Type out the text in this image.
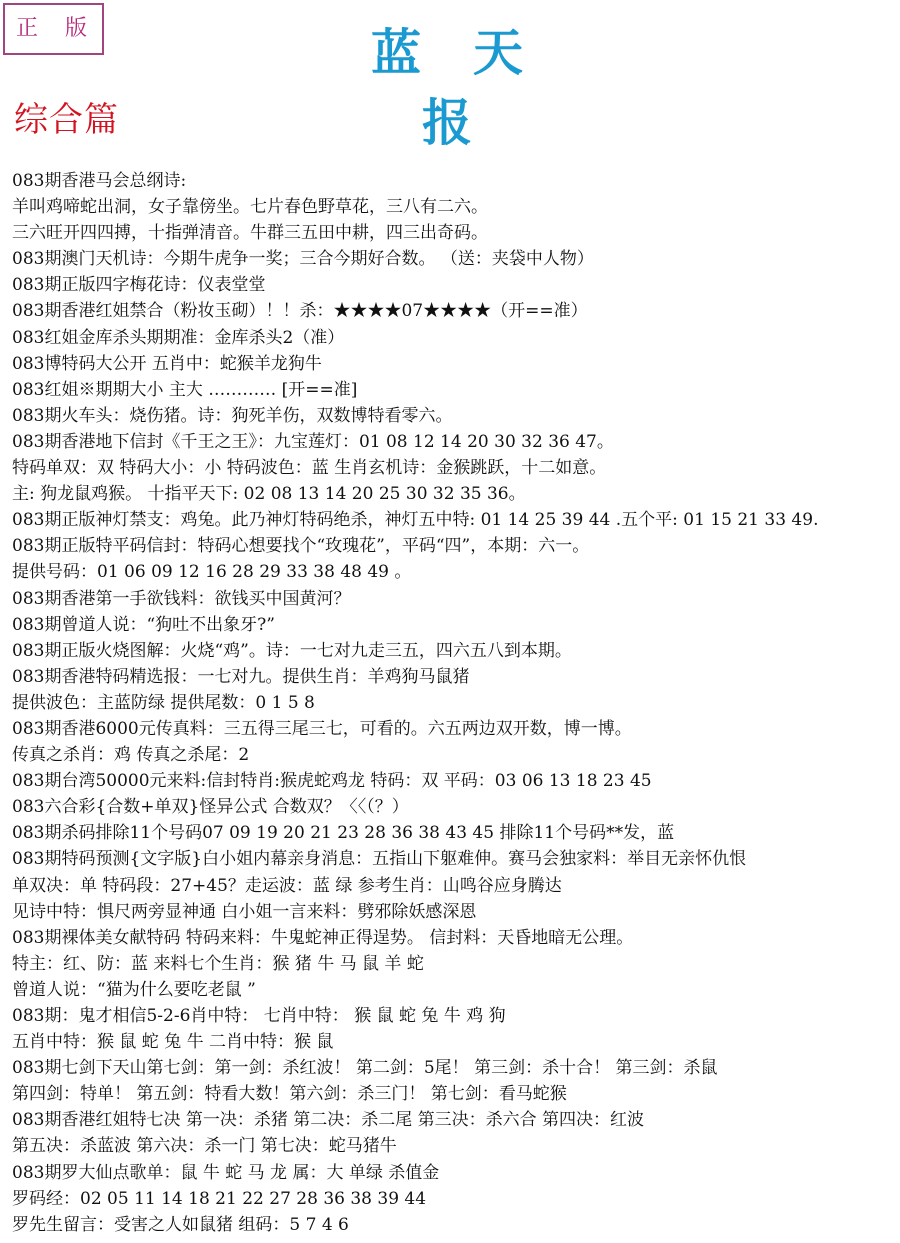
正 版	蓝天报
综合篇
083期香港马会总纲诗:
羊叫鸡啼蛇出洞，女子靠傍坐。七片春色野草花，三八有二六。
三六旺开四四搏，十指弹清音。牛群三五田中耕，四三出奇码。
083期澳门天机诗：今期牛虎争一奖；三合今期好合数。 （送：夹袋中人物）
083期正版四字梅花诗：仪表堂堂
083期香港红姐禁合（粉妆玉砌）！！杀：★★★★07★★★★（开==准）
083红姐金库杀头期期准：金库杀头2（准）
083博特码大公开 五肖中：蛇猴羊龙狗牛
083红姐※期期大小 主大 ………… [开==准]
083期火车头：烧伤猪。诗：狗死羊伤，双数博特看零六。
083期香港地下信封《千王之王》：九宝莲灯：01 08 12 14 20 30 32 36 47。
特码单双：双 特码大小：小 特码波色：蓝 生肖玄机诗：金猴跳跃，十二如意。
主: 狗龙鼠鸡猴。 十指平天下: 02 08 13 14 20 25 30 32 35 36。
083期正版神灯禁支：鸡兔。此乃神灯特码绝杀，神灯五中特: 01 14 25 39 44 .五个平: 01 15 21 33 49.
083期正版特平码信封：特码心想要找个“玫瑰花”，平码“四”，本期：六一。
提供号码：01 06 09 12 16 28 29 33 38 48 49 。
083期香港第一手欲钱料：欲钱买中国黄河？
083期曾道人说：“狗吐不出象牙?”
083期正版火烧图解：火烧“鸡”。诗：一七对九走三五，四六五八到本期。
083期香港特码精选报：一七对九。提供生肖：羊鸡狗马鼠猪
提供波色：主蓝防绿 提供尾数：0 1 5 8
083期香港6000元传真料：三五得三尾三七，可看的。六五两边双开数，博一博。
传真之杀肖：鸡 传真之杀尾：2
083期台湾50000元来料:信封特肖:猴虎蛇鸡龙 特码：双 平码：03 06 13 18 23 45
083六合彩{合数+单双}怪异公式 合数双？〈〈（？）
083期杀码排除11个号码07 09 19 20 21 23 28 36 38 43 45 排除11个号码**发，蓝
083期特码预测{文字版}白小姐内幕亲身消息：五指山下躯难伸。赛马会独家料：举目无亲怀仇恨
单双决：单 特码段：27+45？走运波：蓝 绿 参考生肖：山鸣谷应身腾达
见诗中特：惧尺两旁显神通 白小姐一言来料：劈邪除妖感深恩
083期裸体美女献特码 特码来料：牛鬼蛇神正得逞势。 信封料：天昏地暗无公理。
特主：红、防：蓝 来料七个生肖：猴 猪 牛 马 鼠 羊 蛇
曾道人说：“猫为什么要吃老鼠 ”
083期：鬼才相信5-2-6肖中特： 七肖中特： 猴 鼠 蛇 兔 牛 鸡 狗
五肖中特：猴 鼠 蛇 兔 牛 二肖中特：猴 鼠
083期七剑下天山第七剑：第一剑：杀红波！ 第二剑：5尾！ 第三剑：杀十合！ 第三剑：杀鼠
第四剑：特单！ 第五剑：特看大数！第六剑：杀三门！ 第七剑：看马蛇猴
083期香港红姐特七决 第一决：杀猪 第二决：杀二尾 第三决：杀六合 第四决：红波
第五决：杀蓝波 第六决：杀一门 第七决：蛇马猪牛
083期罗大仙点歌单：鼠 牛 蛇 马 龙 属：大 单绿 杀值金
罗码经：02 05 11 14 18 21 22 27 28 36 38 39 44
罗先生留言：受害之人如鼠猪 组码：5 7 4 6
